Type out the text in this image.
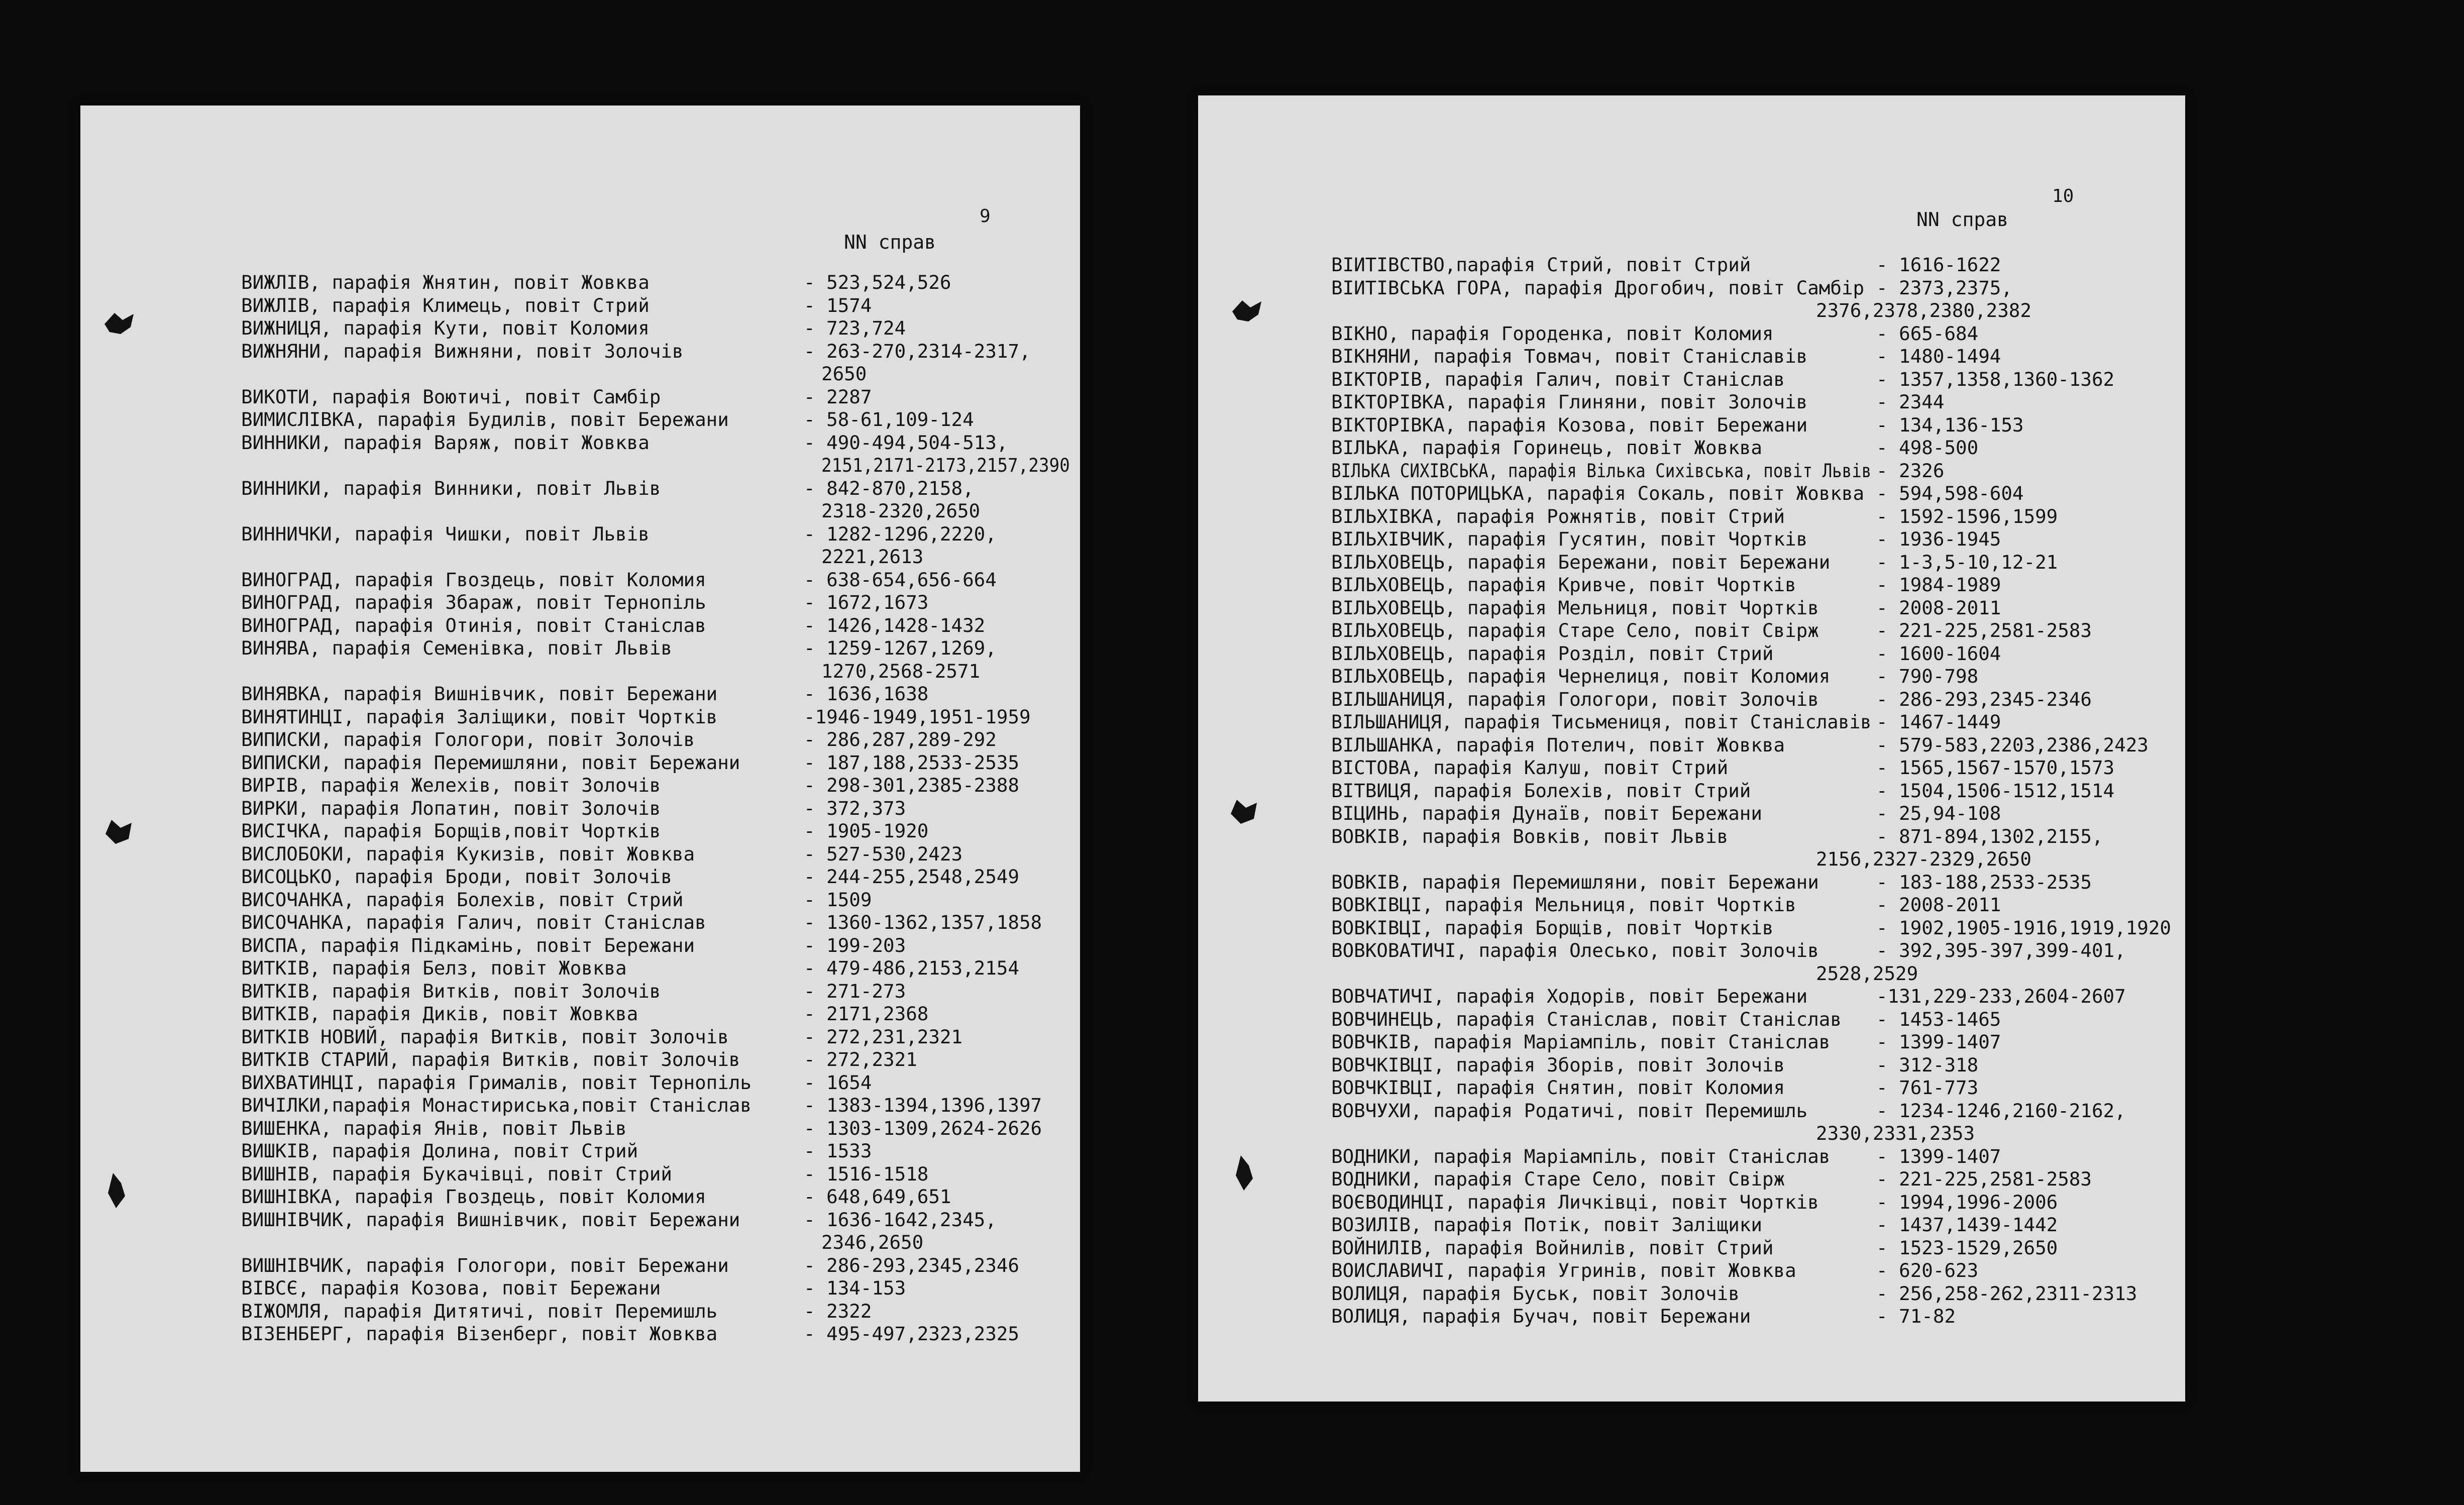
9
NN справ
ВИЖЛІВ, парафія Жнятин, повіт Жовква	- 523,524,526
ВИЖЛІВ, парафія Климець, повіт Стрий	- 1574
ВИЖНИЦЯ, парафія Кути, повіт Коломия	- 723,724
ВИЖНЯНИ, парафія Вижняни, повіт Золочів	- 263-270,2314-2317,
2650
ВИКОТИ, парафія Воютичі, повіт Самбір	- 2287
ВИМИСЛІВКА, парафія Будилів, повіт Бережани	- 58-61,109-124
ВИННИКИ, парафія Варяж, повіт Жовква	- 490-494,504-513,
2151,2171-2173,2157,2390
ВИННИКИ, парафія Винники, повіт Львів	- 842-870,2158,
2318-2320,2650
ВИННИЧКИ, парафія Чишки, повіт Львів	- 1282-1296,2220,
2221,2613
ВИНОГРАД, парафія Гвоздець, повіт Коломия	- 638-654,656-664
ВИНОГРАД, парафія Збараж, повіт Тернопіль	- 1672,1673
ВИНОГРАД, парафія Отинія, повіт Станіслав	- 1426,1428-1432
ВИНЯВА, парафія Семенівка, повіт Львів	- 1259-1267,1269,
1270,2568-2571
ВИНЯВКА, парафія Вишнівчик, повіт Бережани	- 1636,1638
ВИНЯТИНЦІ, парафія Заліщики, повіт Чортків	-1946-1949,1951-1959
ВИПИСКИ, парафія Гологори, повіт Золочів	- 286,287,289-292
ВИПИСКИ, парафія Перемишляни, повіт Бережани	- 187,188,2533-2535
ВИРІВ, парафія Желехів, повіт Золочів	- 298-301,2385-2388
ВИРКИ, парафія Лопатин, повіт Золочів	- 372,373
ВИСІЧКА, парафія Борщів,повіт Чортків	- 1905-1920
ВИСЛОБОКИ, парафія Кукизів, повіт Жовква	- 527-530,2423
ВИСОЦЬКО, парафія Броди, повіт Золочів	- 244-255,2548,2549
ВИСОЧАНКА, парафія Болехів, повіт Стрий	- 1509
ВИСОЧАНКА, парафія Галич, повіт Станіслав	- 1360-1362,1357,1858
ВИСПА, парафія Підкамінь, повіт Бережани	- 199-203
ВИТКІВ, парафія Белз, повіт Жовква	- 479-486,2153,2154
ВИТКІВ, парафія Витків, повіт Золочів	- 271-273
ВИТКІВ, парафія Диків, повіт Жовква	- 2171,2368
ВИТКІВ НОВИЙ, парафія Витків, повіт Золочів	- 272,231,2321
ВИТКІВ СТАРИЙ, парафія Витків, повіт Золочів	- 272,2321
ВИХВАТИНЦІ, парафія Грималів, повіт Тернопіль	- 1654
ВИЧІЛКИ,парафія Монастириська,повіт Станіслав	- 1383-1394,1396,1397
ВИШЕНКА, парафія Янів, повіт Львів	- 1303-1309,2624-2626
ВИШКІВ, парафія Долина, повіт Стрий	- 1533
ВИШНІВ, парафія Букачівці, повіт Стрий	- 1516-1518
ВИШНІВКА, парафія Гвоздець, повіт Коломия	- 648,649,651
ВИШНІВЧИК, парафія Вишнівчик, повіт Бережани	- 1636-1642,2345,
2346,2650
ВИШНІВЧИК, парафія Гологори, повіт Бережани	- 286-293,2345,2346
ВІВСЄ, парафія Козова, повіт Бережани	- 134-153
ВІЖОМЛЯ, парафія Дитятичі, повіт Перемишль	- 2322
ВІЗЕНБЕРГ, парафія Візенберг, повіт Жовква	- 495-497,2323,2325
10
NN справ
ВІИТІВСТВО,парафія Стрий, повіт Стрий	- 1616-1622
ВІИТІВСЬКА ГОРА, парафія Дрогобич, повіт Самбір - 2373,2375,
2376,2378,2380,2382
ВІКНО, парафія Городенка, повіт Коломия	- 665-684
ВІКНЯНИ, парафія Товмач, повіт Станіславів	- 1480-1494
ВІКТОРІВ, парафія Галич, повіт Станіслав	- 1357,1358,1360-1362
ВІКТОРІВКА, парафія Глиняни, повіт Золочів	- 2344
ВІКТОРІВКА, парафія Козова, повіт Бережани	- 134,136-153
ВІЛЬКА, парафія Горинець, повіт Жовква	- 498-500
ВІЛЬКА СИХІВСЬКА, парафія Вілька Сихівська, повіт Львів - 2326
ВІЛЬКА ПОТОРИЦЬКА, парафія Сокаль, повіт Жовква - 594,598-604
ВІЛЬХІВКА, парафія Рожнятів, повіт Стрий	- 1592-1596,1599
ВІЛЬХІВЧИК, парафія Гусятин, повіт Чортків	- 1936-1945
ВІЛЬХОВЕЦЬ, парафія Бережани, повіт Бережани - 1-3,5-10,12-21
ВІЛЬХОВЕЦЬ, парафія Кривче, повіт Чортків	- 1984-1989
ВІЛЬХОВЕЦЬ, парафія Мельниця, повіт Чортків	- 2008-2011
ВІЛЬХОВЕЦЬ, парафія Старе Село, повіт Свірж	- 221-225,2581-2583
ВІЛЬХОВЕЦЬ, парафія Розділ, повіт Стрий	- 1600-1604
ВІЛЬХОВЕЦЬ, парафія Чернелиця, повіт Коломия - 790-798
ВІЛЬШАНИЦЯ, парафія Гологори, повіт Золочів	- 286-293,2345-2346
ВІЛЬШАНИЦЯ, парафія Тисьмениця, повіт Станіславів - 1467-1449
ВІЛЬШАНКА, парафія Потелич, повіт Жовква	- 579-583,2203,2386,2423
ВІСТОВА, парафія Калуш, повіт Стрий	- 1565,1567-1570,1573
ВІТВИЦЯ, парафія Болехів, повіт Стрий	- 1504,1506-1512,1514
ВІЦИНЬ, парафія Дунаїв, повіт Бережани	- 25,94-108
ВОВКІВ, парафія Вовків, повіт Львів	- 871-894,1302,2155,
2156,2327-2329,2650
ВОВКІВ, парафія Перемишляни, повіт Бережани	- 183-188,2533-2535
ВОВКІВЦІ, парафія Мельниця, повіт Чортків	- 2008-2011
ВОВКІВЦІ, парафія Борщів, повіт Чортків	- 1902,1905-1916,1919,1920
ВОВКОВАТИЧІ, парафія Олесько, повіт Золочів	- 392,395-397,399-401,
2528,2529
ВОВЧАТИЧІ, парафія Ходорів, повіт Бережани	-131,229-233,2604-2607
ВОВЧИНЕЦЬ, парафія Станіслав, повіт Станіслав - 1453-1465
ВОВЧКІВ, парафія Маріампіль, повіт Станіслав - 1399-1407
ВОВЧКІВЦІ, парафія Зборів, повіт Золочів	- 312-318
ВОВЧКІВЦІ, парафія Снятин, повіт Коломия	- 761-773
ВОВЧУХИ, парафія Родатичі, повіт Перемишль	- 1234-1246,2160-2162,
2330,2331,2353
ВОДНИКИ, парафія Маріампіль, повіт Станіслав - 1399-1407
ВОДНИКИ, парафія Старе Село, повіт Свірж	- 221-225,2581-2583
ВОЄВОДИНЦІ, парафія Личківці, повіт Чортків	- 1994,1996-2006
ВОЗИЛІВ, парафія Потік, повіт Заліщики	- 1437,1439-1442
ВОЙНИЛІВ, парафія Войнилів, повіт Стрий	- 1523-1529,2650
ВОИСЛАВИЧІ, парафія Угринів, повіт Жовква	- 620-623
ВОЛИЦЯ, парафія Буськ, повіт Золочів	- 256,258-262,2311-2313
ВОЛИЦЯ, парафія Бучач, повіт Бережани	- 71-82
